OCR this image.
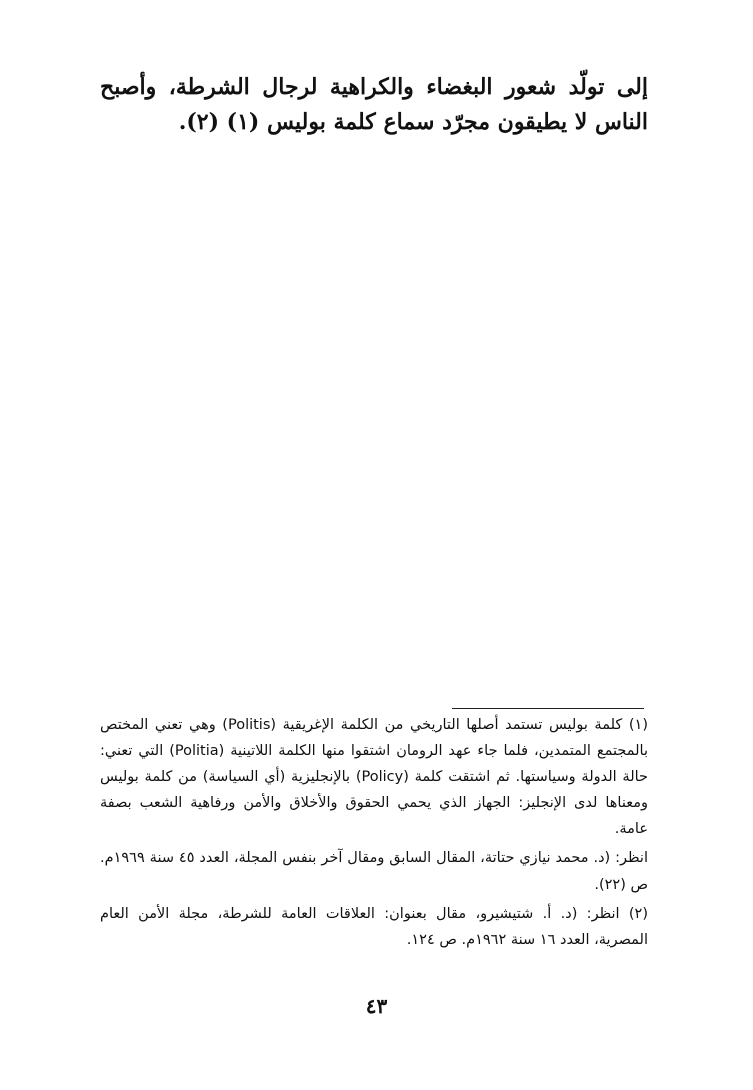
إلى تولّد شعور البغضاء والكراهية لرجال الشرطة، وأصبح الناس لا يطيقون مجرّد سماع كلمة بوليس (١) (٢).

(١) كلمة بوليس تستمد أصلها التاريخي من الكلمة الإغريقية (Politis) وهي تعني المختص بالمجتمع المتمدين، فلما جاء عهد الرومان اشتقوا منها الكلمة اللاتينية (Politia) التي تعني: حالة الدولة وسياستها. ثم اشتقت كلمة (Policy) بالإنجليزية (أي السياسة) من كلمة بوليس ومعناها لدى الإنجليز: الجهاز الذي يحمي الحقوق والأخلاق والأمن ورفاهية الشعب بصفة عامة.

انظر: (د. محمد نيازي حتاتة، المقال السابق ومقال آخر بنفس المجلة، العدد ٤٥ سنة ١٩٦٩م. ص (٢٢).

(٢) انظر: (د. أ. شتيشيرو، مقال بعنوان: العلاقات العامة للشرطة، مجلة الأمن العام المصرية، العدد ١٦ سنة ١٩٦٢م. ص ١٢٤.

٤٣
